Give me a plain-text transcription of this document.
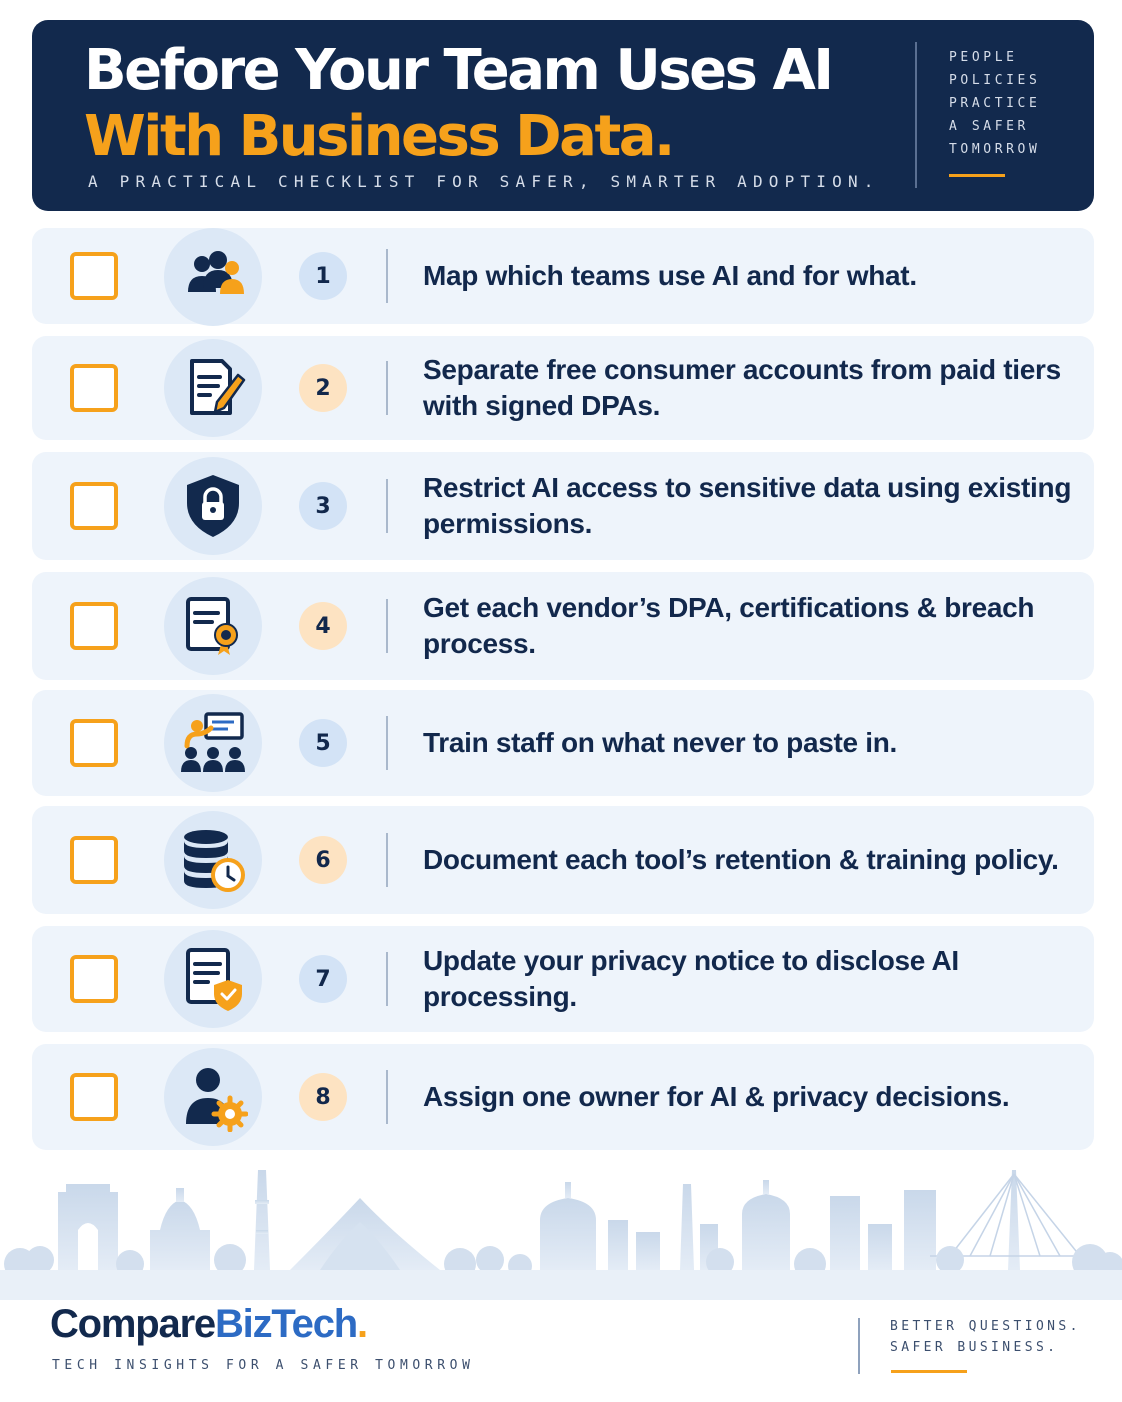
Before Your Team Uses AI
With Business Data.
A PRACTICAL CHECKLIST FOR SAFER, SMARTER ADOPTION.
PEOPLE
POLICIES
PRACTICE
A SAFER
TOMORROW
1	Map which teams use AI and for what.
2
Separate free consumer accounts from paid tiers with signed DPAs.
3
Restrict AI access to sensitive data using existing permissions.
4
Get each vendor’s DPA, certifications & breach process.
5	Train staff on what never to paste in.
6	Document each tool’s retention & training policy.
7
Update your privacy notice to disclose AI processing.
8	Assign one owner for AI & privacy decisions.
CompareBizTech.
TECH INSIGHTS FOR A SAFER TOMORROW
BETTER QUESTIONS.
SAFER BUSINESS.
